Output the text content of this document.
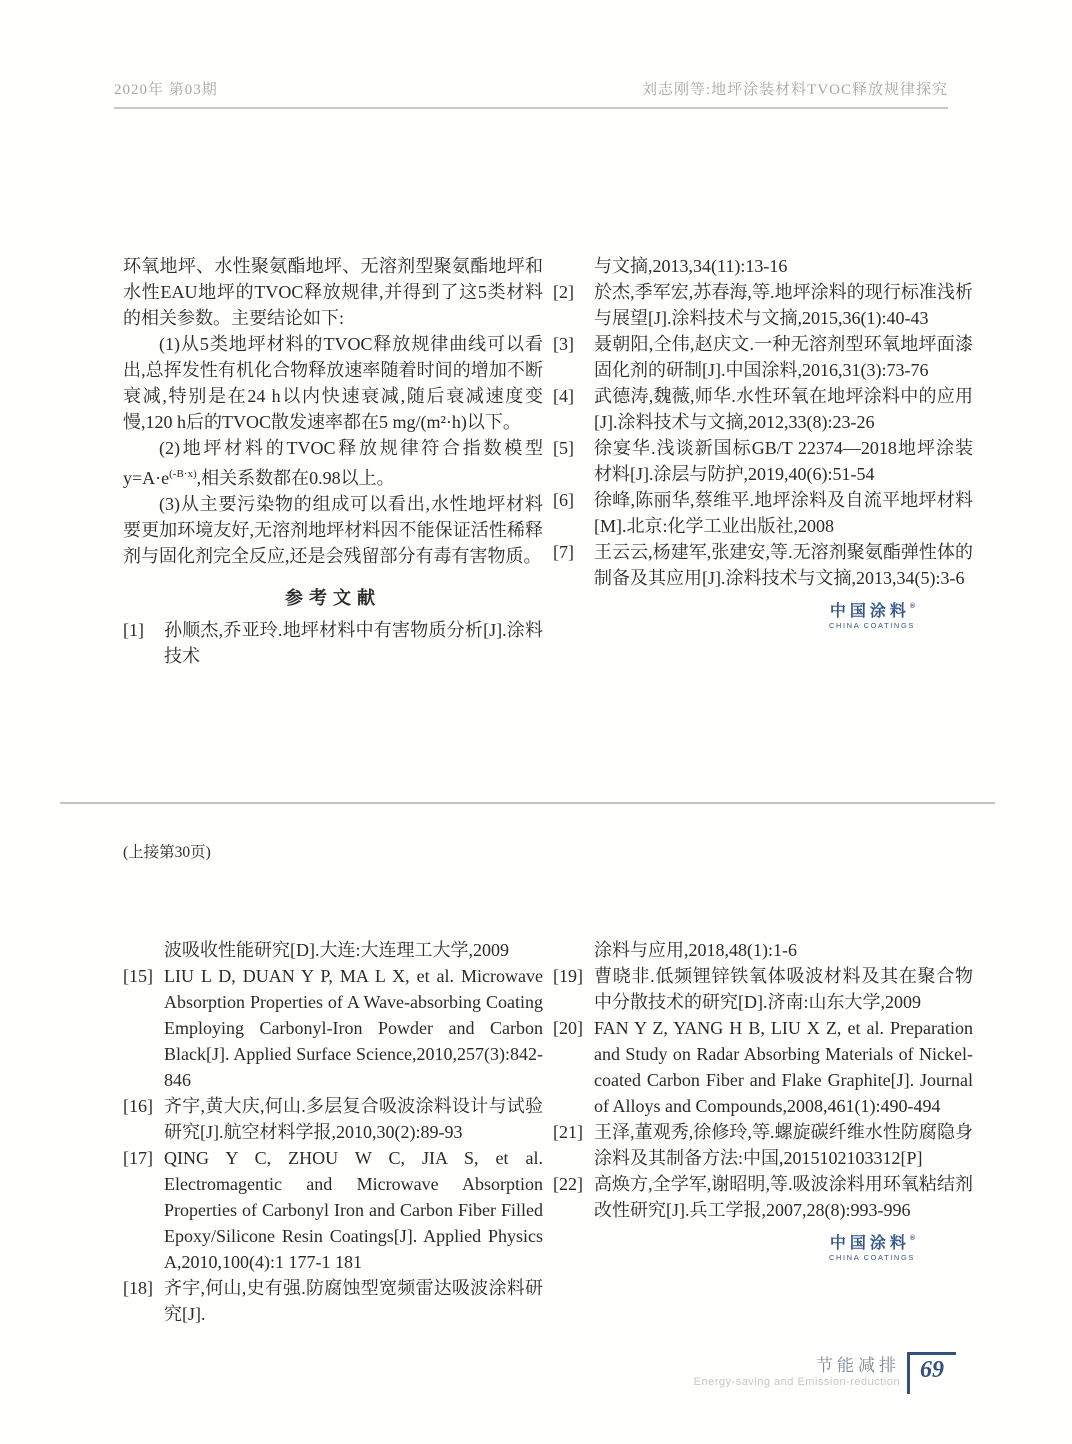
2020年 第03期	刘志刚等:地坪涂装材料TVOC释放规律探究

环氧地坪、水性聚氨酯地坪、无溶剂型聚氨酯地坪和水性EAU地坪的TVOC释放规律,并得到了这5类材料的相关参数。主要结论如下:

(1)从5类地坪材料的TVOC释放规律曲线可以看出,总挥发性有机化合物释放速率随着时间的增加不断衰减,特别是在24 h以内快速衰减,随后衰减速度变慢,120 h后的TVOC散发速率都在5 mg/(m²·h)以下。

(2)地坪材料的TVOC释放规律符合指数模型$y=A\cdot e^{(-B\cdot x)}$,相关系数都在0.98以上。

(3)从主要污染物的组成可以看出,水性地坪材料要更加环境友好,无溶剂地坪材料因不能保证活性稀释剂与固化剂完全反应,还是会残留部分有毒有害物质。

参考文献
[1]	孙顺杰,乔亚玲.地坪材料中有害物质分析[J].涂料技术
与文摘,2013,34(11):13-16
[2]	於杰,季军宏,苏春海,等.地坪涂料的现行标准浅析与展望[J].涂料技术与文摘,2015,36(1):40-43
[3]	聂朝阳,仝伟,赵庆文.一种无溶剂型环氧地坪面漆固化剂的研制[J].中国涂料,2016,31(3):73-76
[4]	武德涛,魏薇,师华.水性环氧在地坪涂料中的应用[J].涂料技术与文摘,2012,33(8):23-26
[5]	徐宴华.浅谈新国标GB/T 22374—2018地坪涂装材料[J].涂层与防护,2019,40(6):51-54
[6]	徐峰,陈丽华,蔡维平.地坪涂料及自流平地坪材料[M].北京:化学工业出版社,2008
[7]	王云云,杨建军,张建安,等.无溶剂聚氨酯弹性体的制备及其应用[J].涂料技术与文摘,2013,34(5):3-6
中国涂料®
CHINA COATINGS
(上接第30页)
波吸收性能研究[D].大连:大连理工大学,2009
[15] LIU L D, DUAN Y P, MA L X, et al. Microwave Absorption Properties of A Wave-absorbing Coating Employing Carbonyl-Iron Powder and Carbon Black[J]. Applied Surface Science,2010,257(3):842-846
[16] 齐宇,黄大庆,何山.多层复合吸波涂料设计与试验研究[J].航空材料学报,2010,30(2):89-93
[17] QING Y C, ZHOU W C, JIA S, et al. Electromagentic and Microwave Absorption Properties of Carbonyl Iron and Carbon Fiber Filled Epoxy/Silicone Resin Coatings[J]. Applied Physics A,2010,100(4):1 177-1 181
[18] 齐宇,何山,史有强.防腐蚀型宽频雷达吸波涂料研究[J].
涂料与应用,2018,48(1):1-6
[19] 曹晓非.低频锂锌铁氧体吸波材料及其在聚合物中分散技术的研究[D].济南:山东大学,2009
[20] FAN Y Z, YANG H B, LIU X Z, et al. Preparation and Study on Radar Absorbing Materials of Nickel-coated Carbon Fiber and Flake Graphite[J]. Journal of Alloys and Compounds,2008,461(1):490-494
[21] 王泽,董观秀,徐修玲,等.螺旋碳纤维水性防腐隐身涂料及其制备方法:中国,2015102103312[P]
[22] 高焕方,全学军,谢昭明,等.吸波涂料用环氧粘结剂改性研究[J].兵工学报,2007,28(8):993-996
中国涂料®
CHINA COATINGS
节能减排
Energy-saving and Emission-reduction 69
